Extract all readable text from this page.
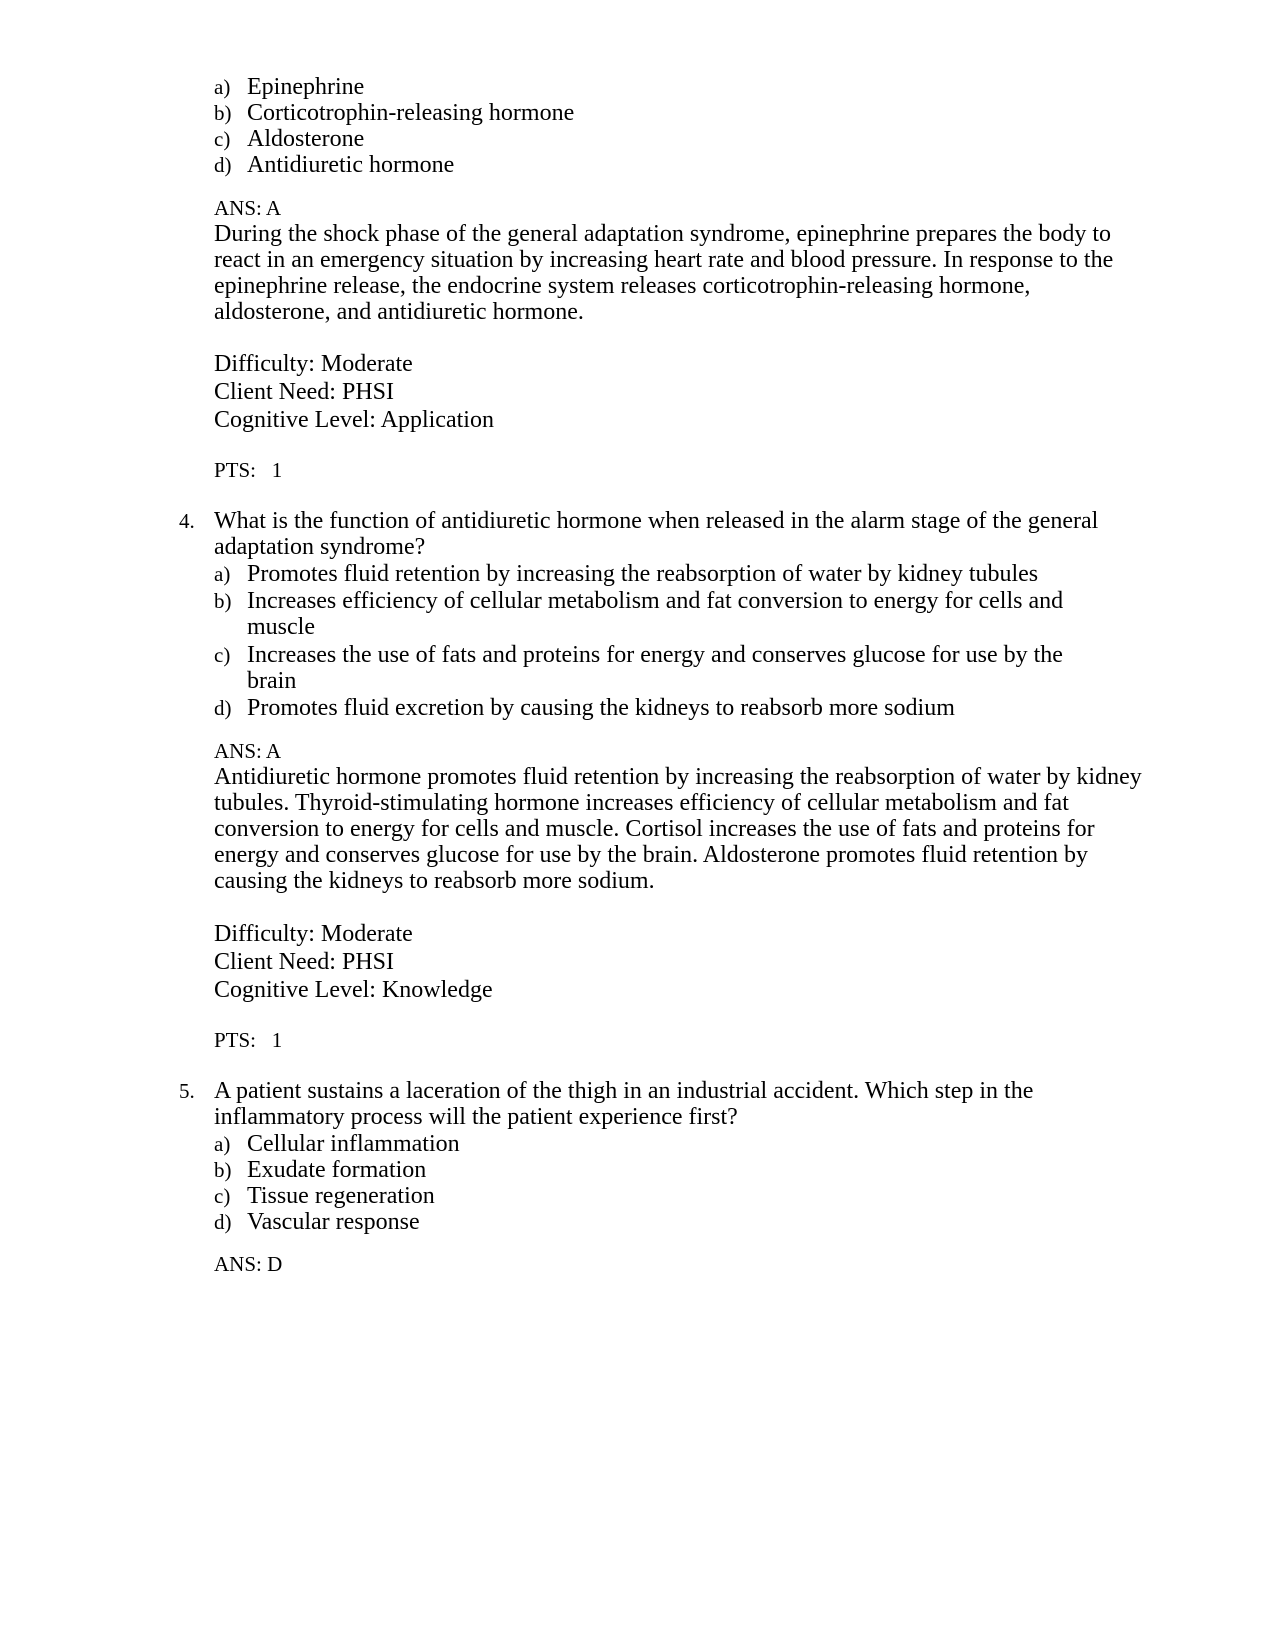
a) Epinephrine
b) Corticotrophin-releasing hormone
c) Aldosterone
d) Antidiuretic hormone
ANS: A

During the shock phase of the general adaptation syndrome, epinephrine prepares the body to react in an emergency situation by increasing heart rate and blood pressure. In response to the epinephrine release, the endocrine system releases corticotrophin-releasing hormone, aldosterone, and antidiuretic hormone.

Difficulty: Moderate
Client Need: PHSI
Cognitive Level: Application
PTS:   1
4. What is the function of antidiuretic hormone when released in the alarm stage of the general adaptation syndrome?
a) Promotes fluid retention by increasing the reabsorption of water by kidney tubules
b) Increases efficiency of cellular metabolism and fat conversion to energy for cells and muscle
c) Increases the use of fats and proteins for energy and conserves glucose for use by the brain
d) Promotes fluid excretion by causing the kidneys to reabsorb more sodium
ANS: A

Antidiuretic hormone promotes fluid retention by increasing the reabsorption of water by kidney tubules. Thyroid-stimulating hormone increases efficiency of cellular metabolism and fat conversion to energy for cells and muscle. Cortisol increases the use of fats and proteins for energy and conserves glucose for use by the brain. Aldosterone promotes fluid retention by causing the kidneys to reabsorb more sodium.

Difficulty: Moderate
Client Need: PHSI
Cognitive Level: Knowledge
PTS:   1
5. A patient sustains a laceration of the thigh in an industrial accident. Which step in the inflammatory process will the patient experience first?
a) Cellular inflammation
b) Exudate formation
c) Tissue regeneration
d) Vascular response
ANS: D
